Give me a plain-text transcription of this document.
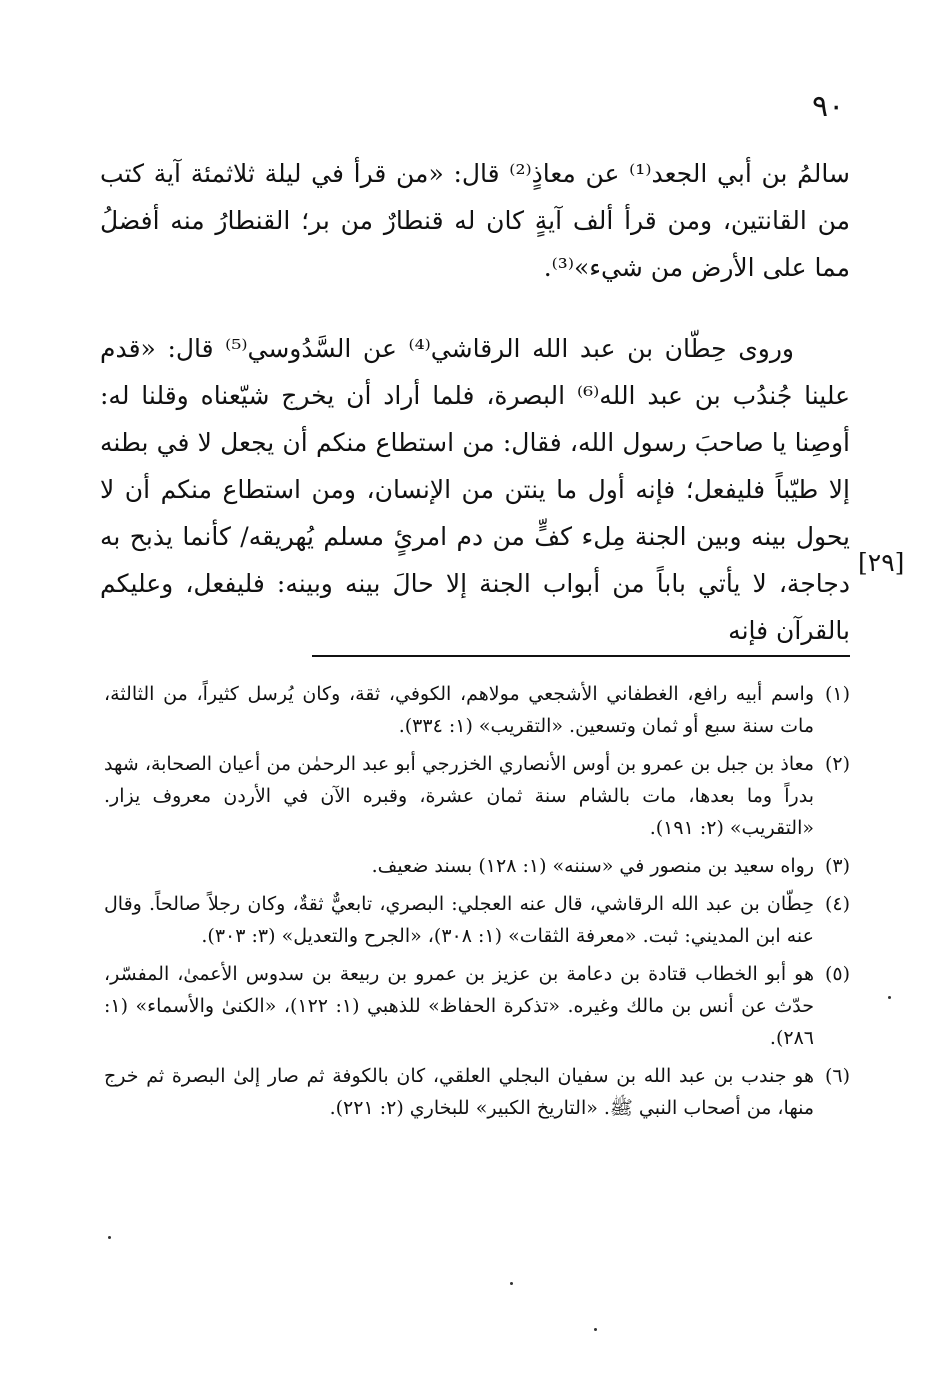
٩٠

سالمُ بن أبي الجعد⁽¹⁾ عن معاذٍ⁽²⁾ قال: «من قرأ في ليلة ثلاثمئة آية كتب من القانتين، ومن قرأ ألف آيةٍ كان له قنطارٌ من بر؛ القنطارُ منه أفضلُ مما على الأرض من شيء»⁽³⁾.

وروى حِطّان بن عبد الله الرقاشي⁽⁴⁾ عن السَّدُوسي⁽⁵⁾ قال: «قدم علينا جُندُب بن عبد الله⁽⁶⁾ البصرة، فلما أراد أن يخرج شيّعناه وقلنا له: أوصِنا يا صاحبَ رسول الله، فقال: من استطاع منكم أن يجعل لا في بطنه إلا طيّباً فليفعل؛ فإنه أول ما ينتن من الإنسان، ومن استطاع منكم أن لا يحول بينه وبين الجنة مِلء كفٍّ من دم امرئٍ مسلم يُهريقه/ كأنما يذبح به دجاجة، لا يأتي باباً من أبواب الجنة إلا حالَ بينه وبينه: فليفعل، وعليكم بالقرآن فإنه

[٢٩]
(١)
واسم أبيه رافع، الغطفاني الأشجعي مولاهم، الكوفي، ثقة، وكان يُرسل كثيراً، من الثالثة، مات سنة سبع أو ثمان وتسعين. «التقريب» (١: ٣٣٤).
(٢)
معاذ بن جبل بن عمرو بن أوس الأنصاري الخزرجي أبو عبد الرحمٰن من أعيان الصحابة، شهد بدراً وما بعدها، مات بالشام سنة ثمان عشرة، وقبره الآن في الأردن معروف يزار. «التقريب» (٢: ١٩١).
(٣)
رواه سعيد بن منصور في «سننه» (١: ١٢٨) بسند ضعيف.
(٤)
حِطّان بن عبد الله الرقاشي، قال عنه العجلي: البصري، تابعيٌّ ثقةٌ، وكان رجلاً صالحاً. وقال عنه ابن المديني: ثبت. «معرفة الثقات» (١: ٣٠٨)، «الجرح والتعديل» (٣: ٣٠٣).
(٥)
هو أبو الخطاب قتادة بن دعامة بن عزيز بن عمرو بن ربيعة بن سدوس الأعمىٰ، المفسّر، حدّث عن أنس بن مالك وغيره. «تذكرة الحفاظ» للذهبي (١: ١٢٢)، «الكنىٰ والأسماء» (١: ٢٨٦).
(٦)
هو جندب بن عبد الله بن سفيان البجلي العلقي، كان بالكوفة ثم صار إلىٰ البصرة ثم خرج منها، من أصحاب النبي ﷺ. «التاريخ الكبير» للبخاري (٢: ٢٢١).
